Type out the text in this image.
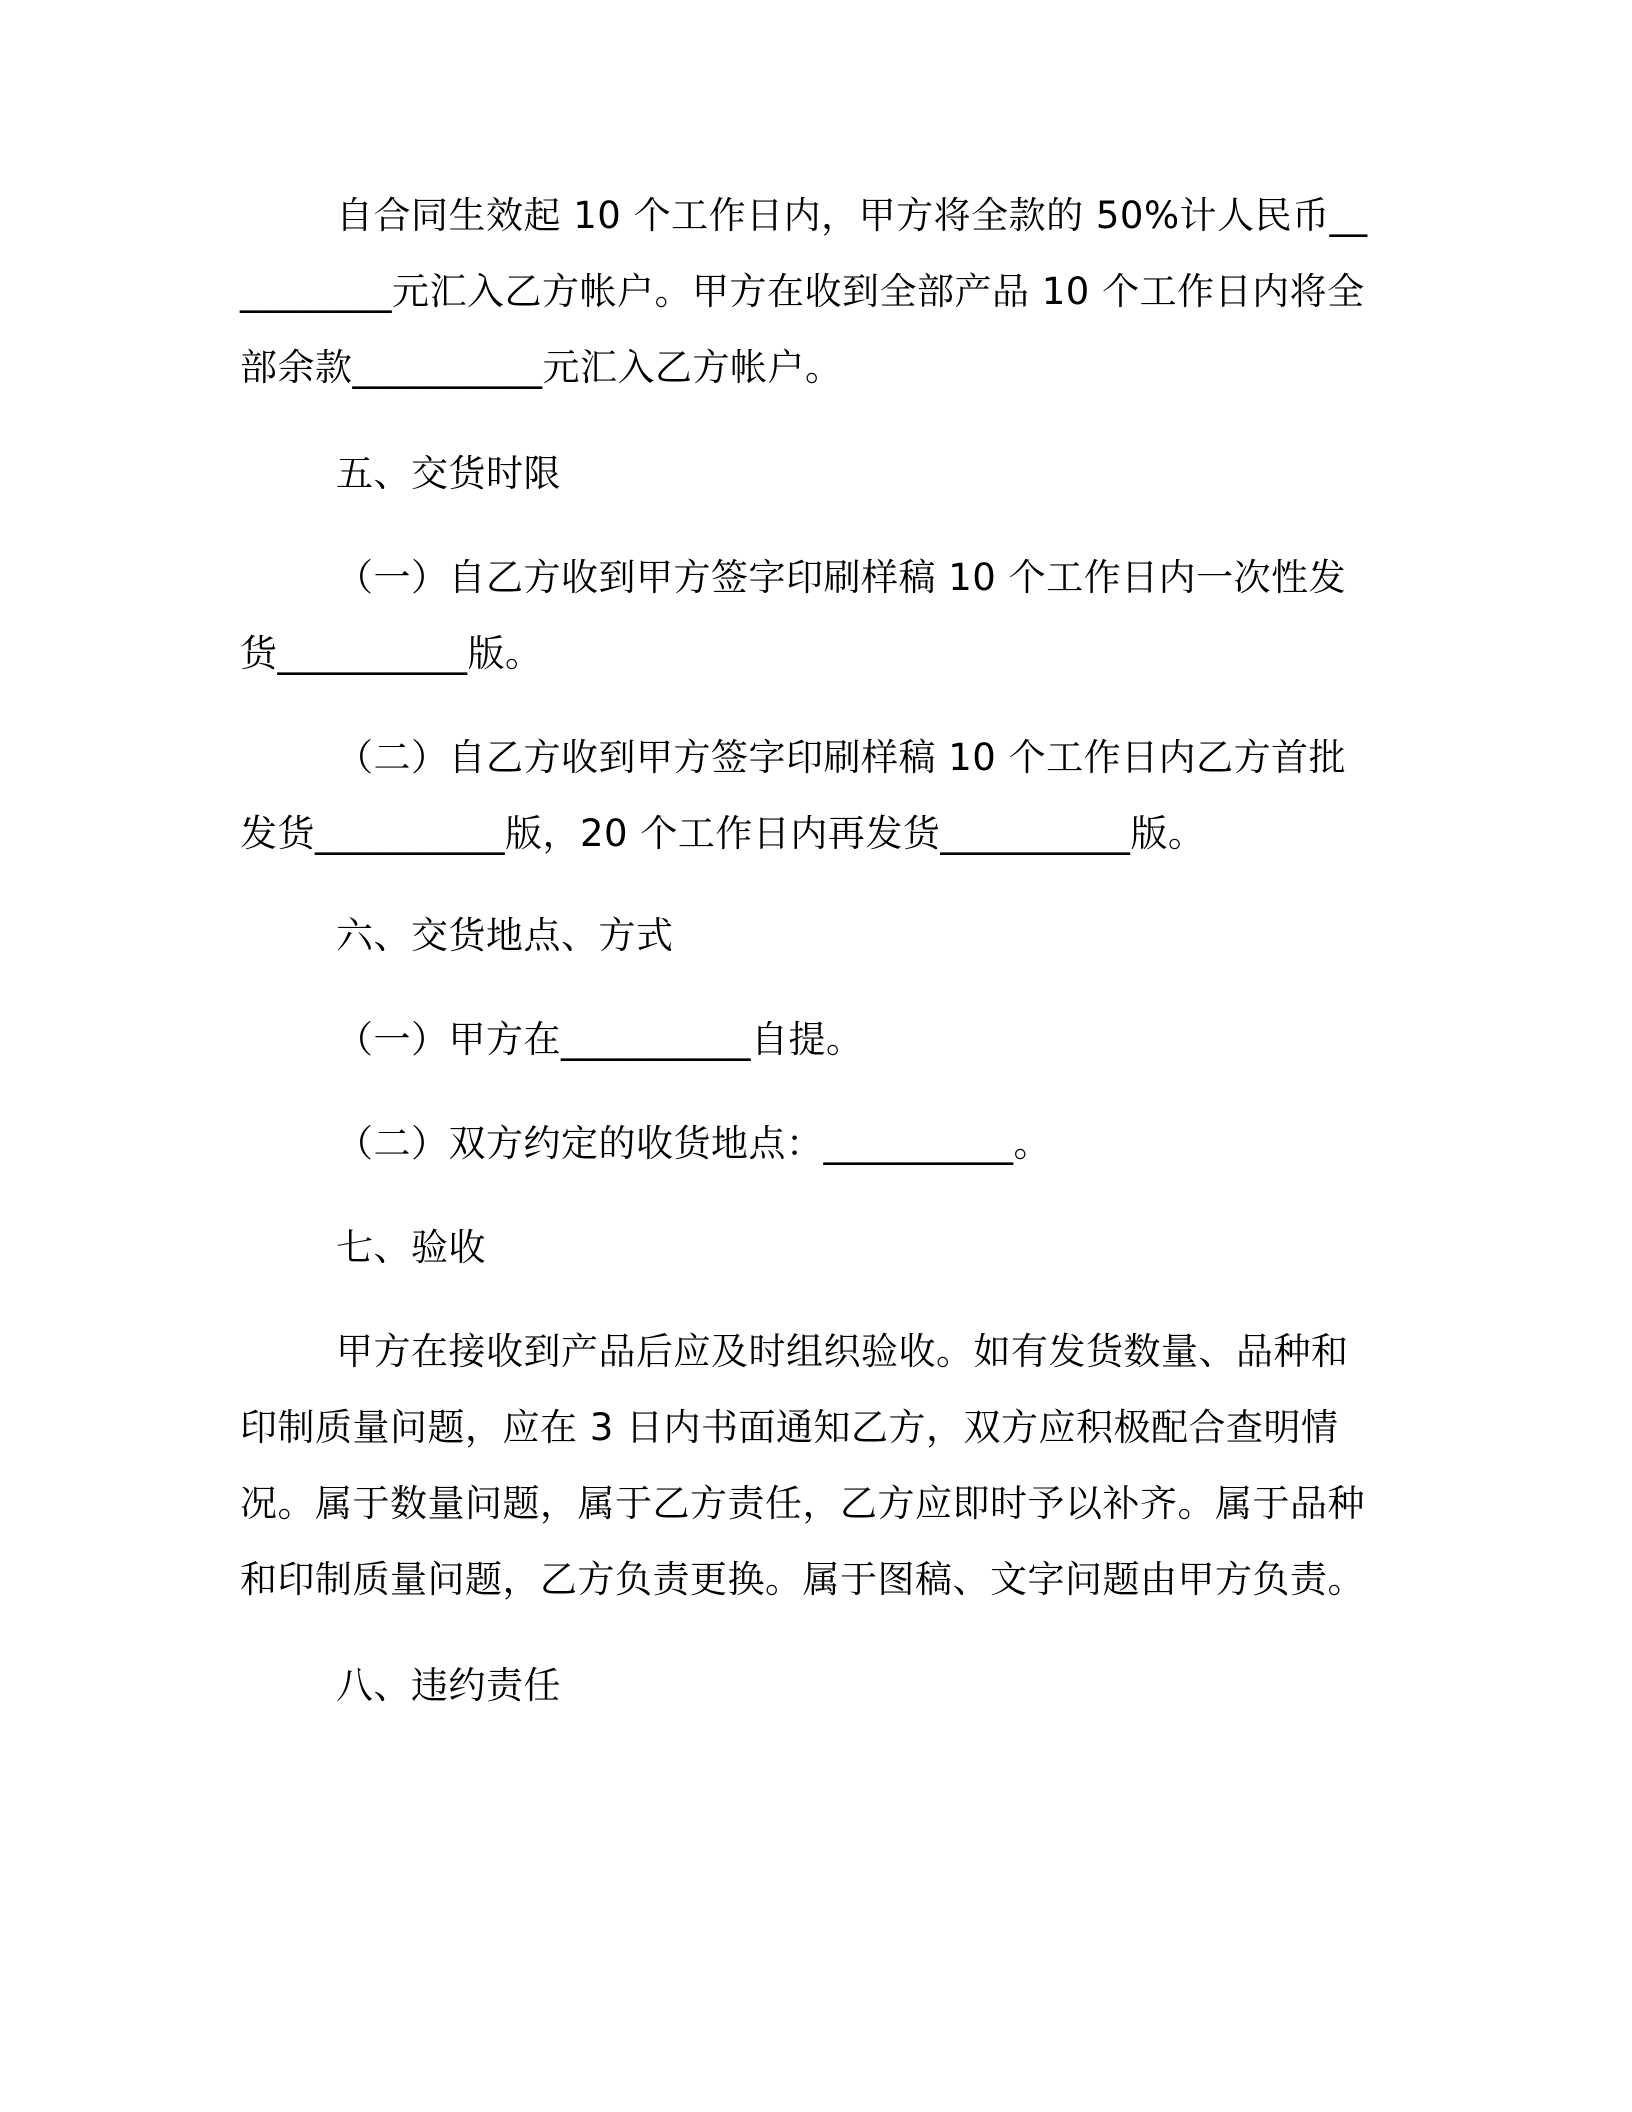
自合同生效起 10 个工作日内，甲方将全款的 50%计人民币__________元汇入乙方帐户。甲方在收到全部产品 10 个工作日内将全部余款__________元汇入乙方帐户。
五、交货时限
（一）自乙方收到甲方签字印刷样稿 10 个工作日内一次性发货__________版。
（二）自乙方收到甲方签字印刷样稿 10 个工作日内乙方首批发货__________版，20 个工作日内再发货__________版。
六、交货地点、方式
（一）甲方在__________自提。
（二）双方约定的收货地点：__________。
七、验收
甲方在接收到产品后应及时组织验收。如有发货数量、品种和印制质量问题，应在 3 日内书面通知乙方，双方应积极配合查明情况。属于数量问题，属于乙方责任，乙方应即时予以补齐。属于品种和印制质量问题，乙方负责更换。属于图稿、文字问题由甲方负责。
八、违约责任
